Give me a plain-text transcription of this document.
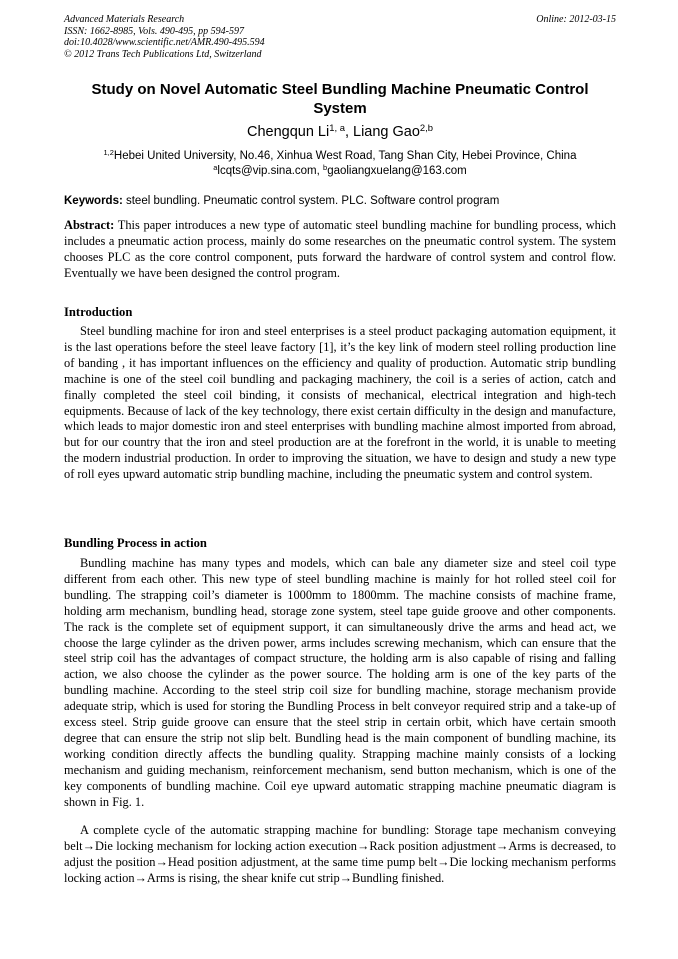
Advanced Materials Research
ISSN: 1662-8985, Vols. 490-495, pp 594-597
doi:10.4028/www.scientific.net/AMR.490-495.594
© 2012 Trans Tech Publications Ltd, Switzerland
Online: 2012-03-15
Study on Novel Automatic Steel Bundling Machine Pneumatic Control System
Chengqun Li$^{1, a}$, Liang Gao$^{2,b}$
$^{1,2}$Hebei United University, No.46, Xinhua West Road, Tang Shan City, Hebei Province, China
$^a$lcqts@vip.sina.com, $^b$gaoliangxuelang@163.com
Keywords: steel bundling. Pneumatic control system. PLC. Software control program
Abstract: This paper introduces a new type of automatic steel bundling machine for bundling process, which includes a pneumatic action process, mainly do some researches on the pneumatic control system. The system chooses PLC as the core control component, puts forward the hardware of control system and control flow. Eventually we have been designed the control program.
Introduction
Steel bundling machine for iron and steel enterprises is a steel product packaging automation equipment, it is the last operations before the steel leave factory [1], it’s the key link of modern steel rolling production line of banding , it has important influences on the efficiency and quality of production. Automatic strip bundling machine is one of the steel coil bundling and packaging machinery, the coil is a series of action, catch and finally completed the steel coil binding, it consists of mechanical, electrical integration and high-tech equipments. Because of lack of the key technology, there exist certain difficulty in the design and manufacture, which leads to major domestic iron and steel enterprises with bundling machine almost imported from abroad, but for our country that the iron and steel production are at the forefront in the world, it is unable to meeting the modern industrial production. In order to improving the situation, we have to design and study a new type of roll eyes upward automatic strip bundling machine, including the pneumatic system and control system.
Bundling Process in action
Bundling machine has many types and models, which can bale any diameter size and steel coil type different from each other. This new type of steel bundling machine is mainly for hot rolled steel coil for bundling. The strapping coil’s diameter is 1000mm to 1800mm. The machine consists of machine frame, holding arm mechanism, bundling head, storage zone system, steel tape guide groove and other components. The rack is the complete set of equipment support, it can simultaneously drive the arms and head act, we choose the large cylinder as the driven power, arms includes screwing mechanism, which can ensure that the steel strip coil has the advantages of compact structure, the holding arm is also capable of rising and falling action, we also choose the cylinder as the power source. The holding arm is one of the key parts of the bundling machine. According to the steel strip coil size for bundling machine, storage mechanism provide adequate strip, which is used for storing the Bundling Process in belt conveyor required strip and a take-up of excess steel. Strip guide groove can ensure that the steel strip in certain orbit, which have certain smooth degree that can ensure the strip not slip belt. Bundling head is the main component of bundling machine, its working condition directly affects the bundling quality. Strapping machine mainly consists of a locking mechanism and guiding mechanism, reinforcement mechanism, send button mechanism, which is one of the key components of bundling machine. Coil eye upward automatic strapping machine pneumatic diagram is shown in Fig. 1.
A complete cycle of the automatic strapping machine for bundling: Storage tape mechanism conveying belt→Die locking mechanism for locking action execution→Rack position adjustment→Arms is decreased, to adjust the position→Head position adjustment, at the same time pump belt→Die locking mechanism performs locking action→Arms is rising, the shear knife cut strip→Bundling finished.
